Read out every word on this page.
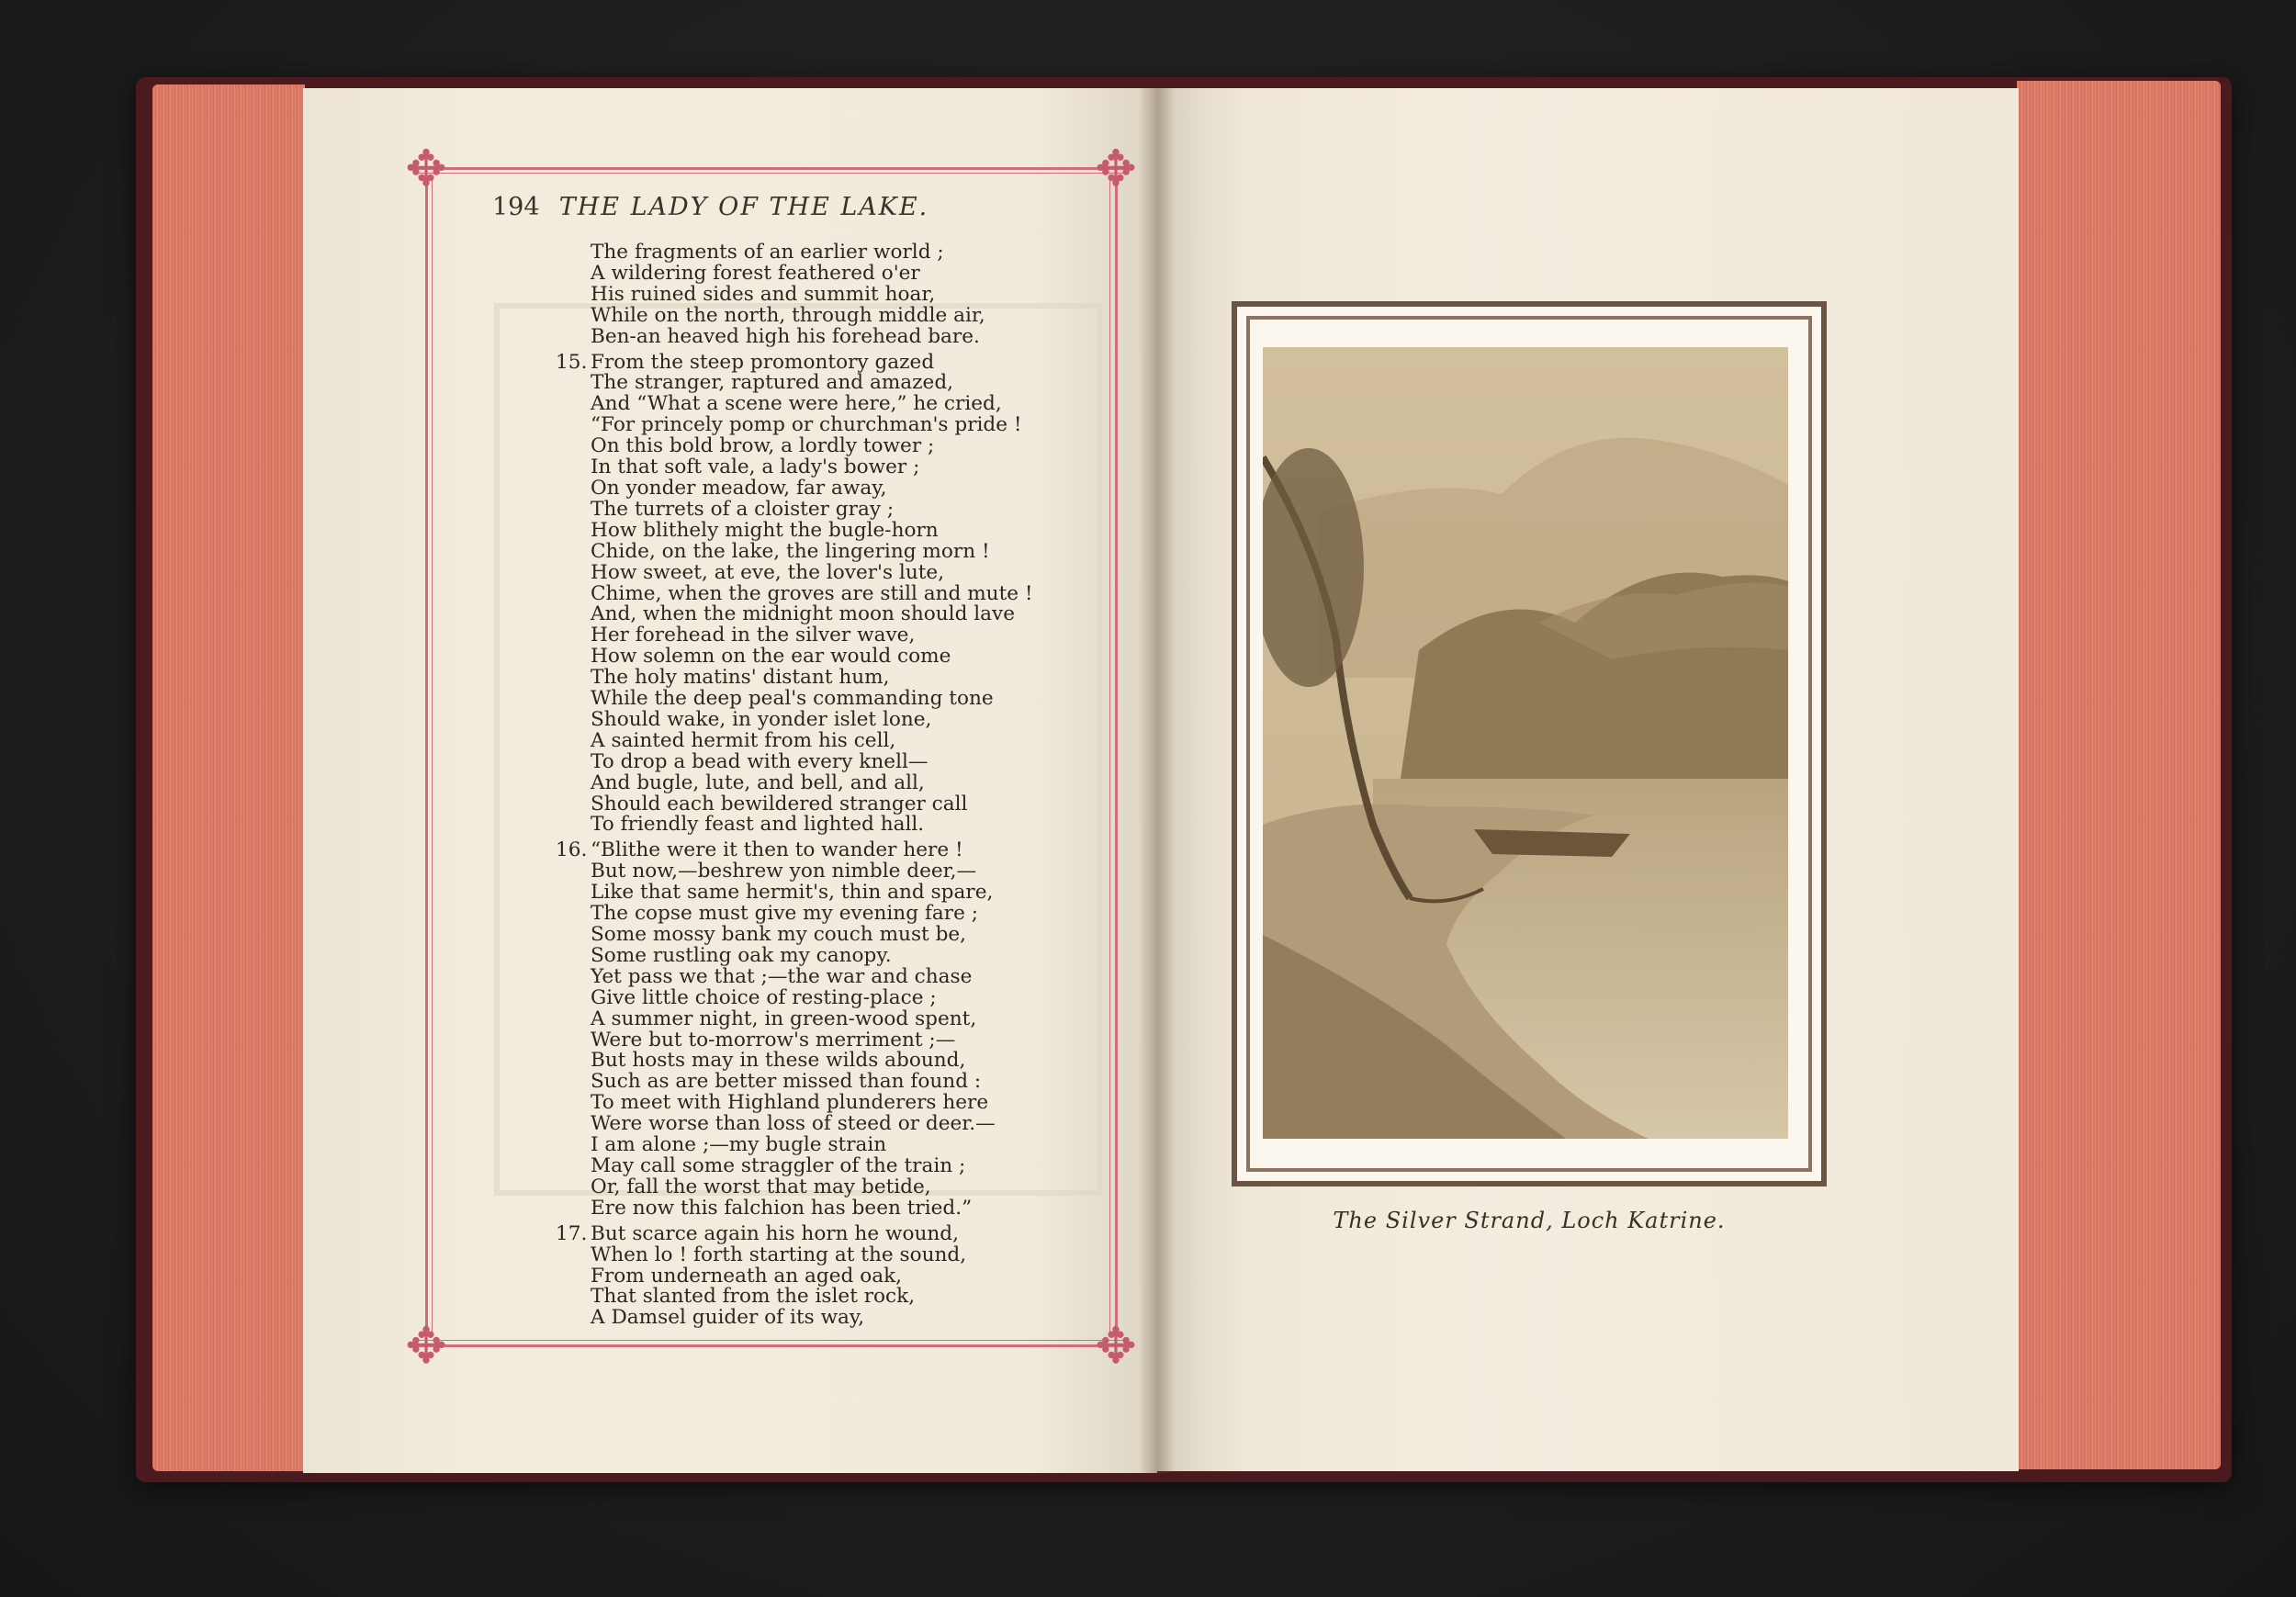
✥	✥
✥	✥
194 THE LADY OF THE LAKE.
The fragments of an earlier world ;
A wildering forest feathered o'er
His ruined sides and summit hoar,
While on the north, through middle air,
Ben-an heaved high his forehead bare.
15. From the steep promontory gazed
The stranger, raptured and amazed,
And “What a scene were here,” he cried,
“For princely pomp or churchman's pride !
On this bold brow, a lordly tower ;
In that soft vale, a lady's bower ;
On yonder meadow, far away,
The turrets of a cloister gray ;
How blithely might the bugle-horn
Chide, on the lake, the lingering morn !
How sweet, at eve, the lover's lute,
Chime, when the groves are still and mute !
And, when the midnight moon should lave
Her forehead in the silver wave,
How solemn on the ear would come
The holy matins' distant hum,
While the deep peal's commanding tone
Should wake, in yonder islet lone,
A sainted hermit from his cell,
To drop a bead with every knell—
And bugle, lute, and bell, and all,
Should each bewildered stranger call
To friendly feast and lighted hall.
16. “Blithe were it then to wander here !
But now,—beshrew yon nimble deer,—
Like that same hermit's, thin and spare,
The copse must give my evening fare ;
Some mossy bank my couch must be,
Some rustling oak my canopy.
Yet pass we that ;—the war and chase
Give little choice of resting-place ;
A summer night, in green-wood spent,
Were but to-morrow's merriment ;—
But hosts may in these wilds abound,
Such as are better missed than found :
To meet with Highland plunderers here
Were worse than loss of steed or deer.—
I am alone ;—my bugle strain
May call some straggler of the train ;
Or, fall the worst that may betide,
Ere now this falchion has been tried.”
17. But scarce again his horn he wound,
When lo ! forth starting at the sound,
From underneath an aged oak,
That slanted from the islet rock,
A Damsel guider of its way,
The Silver Strand, Loch Katrine.
